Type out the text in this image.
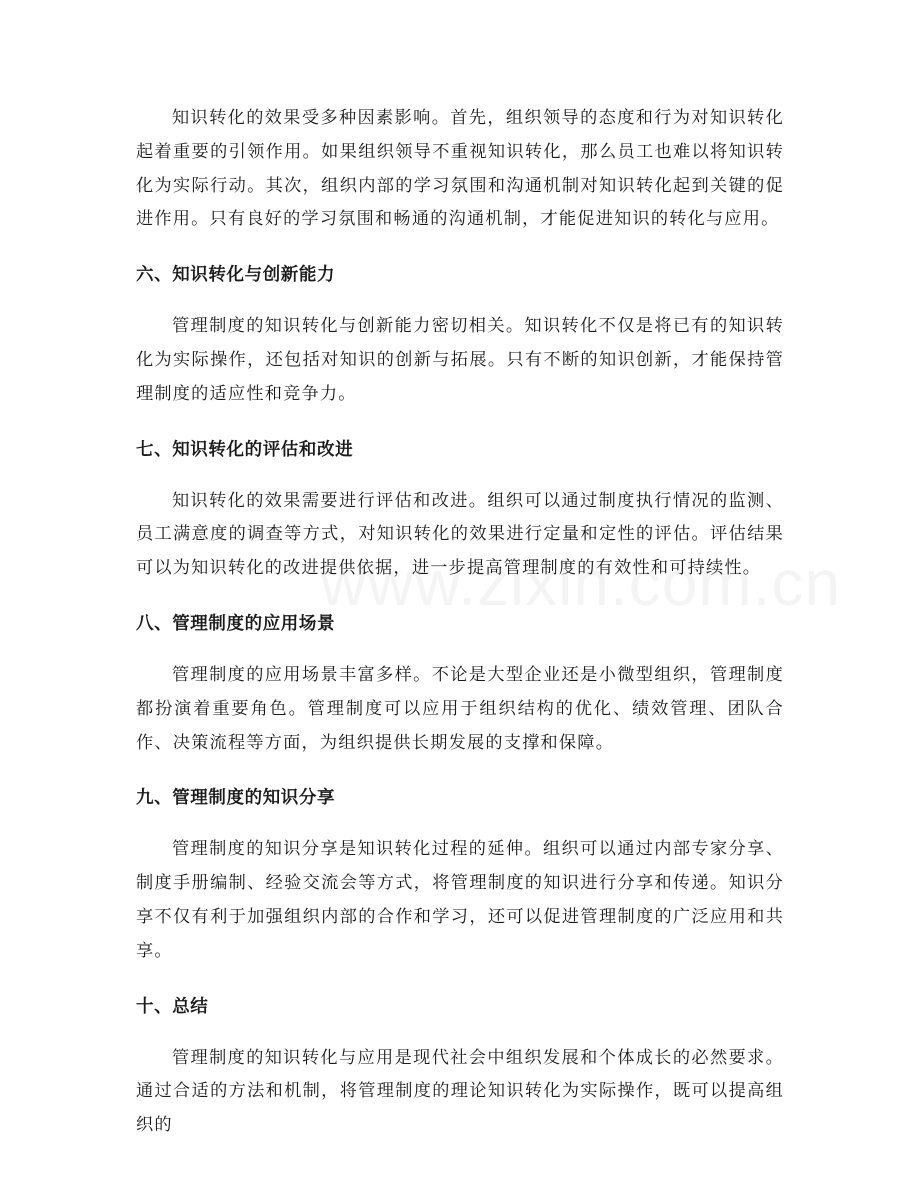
知识转化的效果受多种因素影响。首先，组织领导的态度和行为对知识转化起着重要的引领作用。如果组织领导不重视知识转化，那么员工也难以将知识转化为实际行动。其次，组织内部的学习氛围和沟通机制对知识转化起到关键的促进作用。只有良好的学习氛围和畅通的沟通机制，才能促进知识的转化与应用。

六、知识转化与创新能力

管理制度的知识转化与创新能力密切相关。知识转化不仅是将已有的知识转化为实际操作，还包括对知识的创新与拓展。只有不断的知识创新，才能保持管理制度的适应性和竞争力。

七、知识转化的评估和改进

知识转化的效果需要进行评估和改进。组织可以通过制度执行情况的监测、员工满意度的调查等方式，对知识转化的效果进行定量和定性的评估。评估结果可以为知识转化的改进提供依据，进一步提高管理制度的有效性和可持续性。

八、管理制度的应用场景

管理制度的应用场景丰富多样。不论是大型企业还是小微型组织，管理制度都扮演着重要角色。管理制度可以应用于组织结构的优化、绩效管理、团队合作、决策流程等方面，为组织提供长期发展的支撑和保障。

九、管理制度的知识分享

管理制度的知识分享是知识转化过程的延伸。组织可以通过内部专家分享、制度手册编制、经验交流会等方式，将管理制度的知识进行分享和传递。知识分享不仅有利于加强组织内部的合作和学习，还可以促进管理制度的广泛应用和共享。

十、总结

管理制度的知识转化与应用是现代社会中组织发展和个体成长的必然要求。通过合适的方法和机制，将管理制度的理论知识转化为实际操作，既可以提高组织的
